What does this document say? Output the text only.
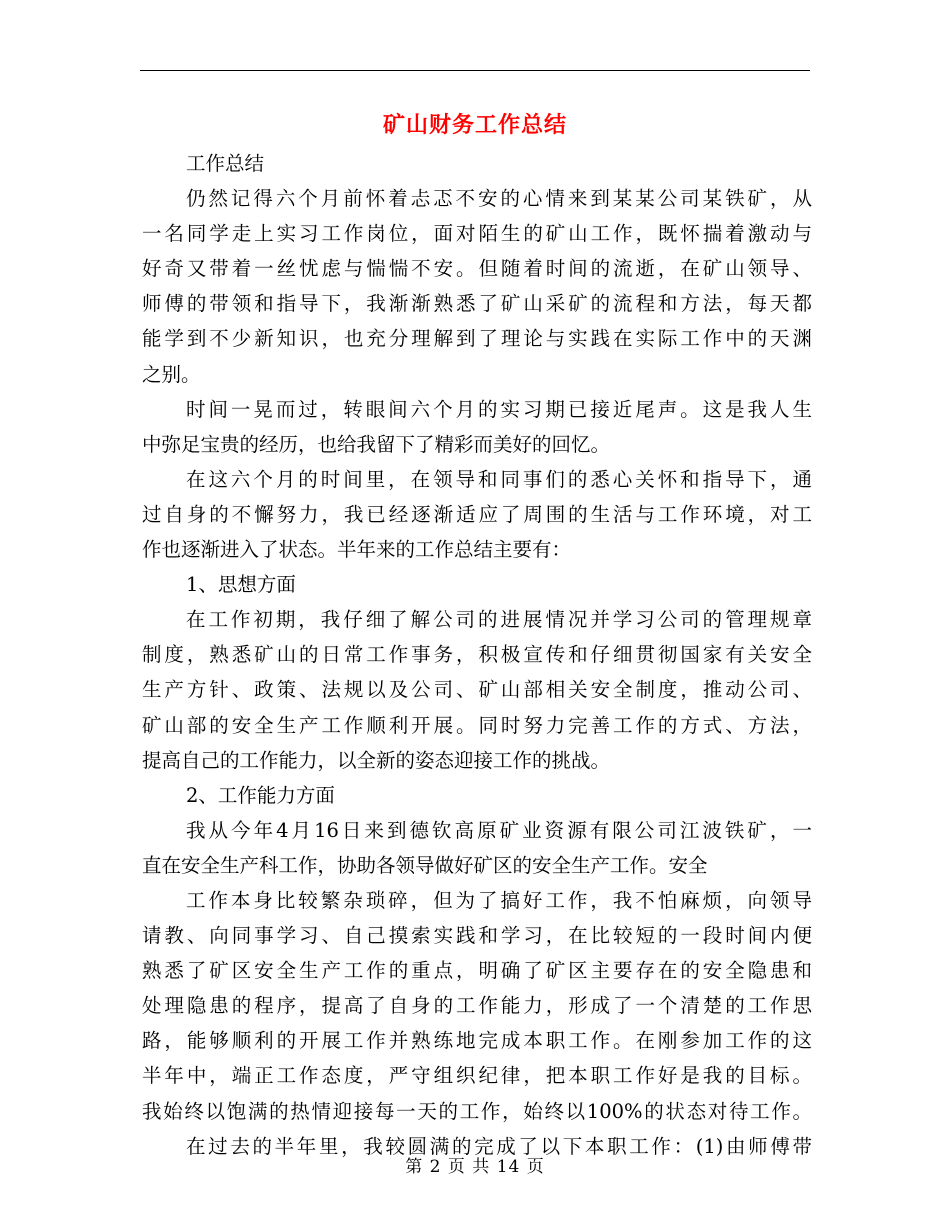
矿山财务工作总结
工作总结
仍然记得六个月前怀着忐忑不安的心情来到某某公司某铁矿，从
一名同学走上实习工作岗位，面对陌生的矿山工作，既怀揣着激动与
好奇又带着一丝忧虑与惴惴不安。但随着时间的流逝，在矿山领导、
师傅的带领和指导下，我渐渐熟悉了矿山采矿的流程和方法，每天都
能学到不少新知识，也充分理解到了理论与实践在实际工作中的天渊
之别。
时间一晃而过，转眼间六个月的实习期已接近尾声。这是我人生
中弥足宝贵的经历，也给我留下了精彩而美好的回忆。
在这六个月的时间里，在领导和同事们的悉心关怀和指导下，通
过自身的不懈努力，我已经逐渐适应了周围的生活与工作环境，对工
作也逐渐进入了状态。半年来的工作总结主要有：
1、思想方面
在工作初期，我仔细了解公司的进展情况并学习公司的管理规章
制度，熟悉矿山的日常工作事务，积极宣传和仔细贯彻国家有关安全
生产方针、政策、法规以及公司、矿山部相关安全制度，推动公司、
矿山部的安全生产工作顺利开展。同时努力完善工作的方式、方法，
提高自己的工作能力，以全新的姿态迎接工作的挑战。
2、工作能力方面
我从今年4月16日来到德钦高原矿业资源有限公司江波铁矿，一
直在安全生产科工作，协助各领导做好矿区的安全生产工作。安全
工作本身比较繁杂琐碎，但为了搞好工作，我不怕麻烦，向领导
请教、向同事学习、自己摸索实践和学习，在比较短的一段时间内便
熟悉了矿区安全生产工作的重点，明确了矿区主要存在的安全隐患和
处理隐患的程序，提高了自身的工作能力，形成了一个清楚的工作思
路，能够顺利的开展工作并熟练地完成本职工作。在刚参加工作的这
半年中，端正工作态度，严守组织纪律，把本职工作好是我的目标。
我始终以饱满的热情迎接每一天的工作，始终以100%的状态对待工作。
在过去的半年里，我较圆满的完成了以下本职工作：(1)由师傅带
第 2 页 共 14 页
